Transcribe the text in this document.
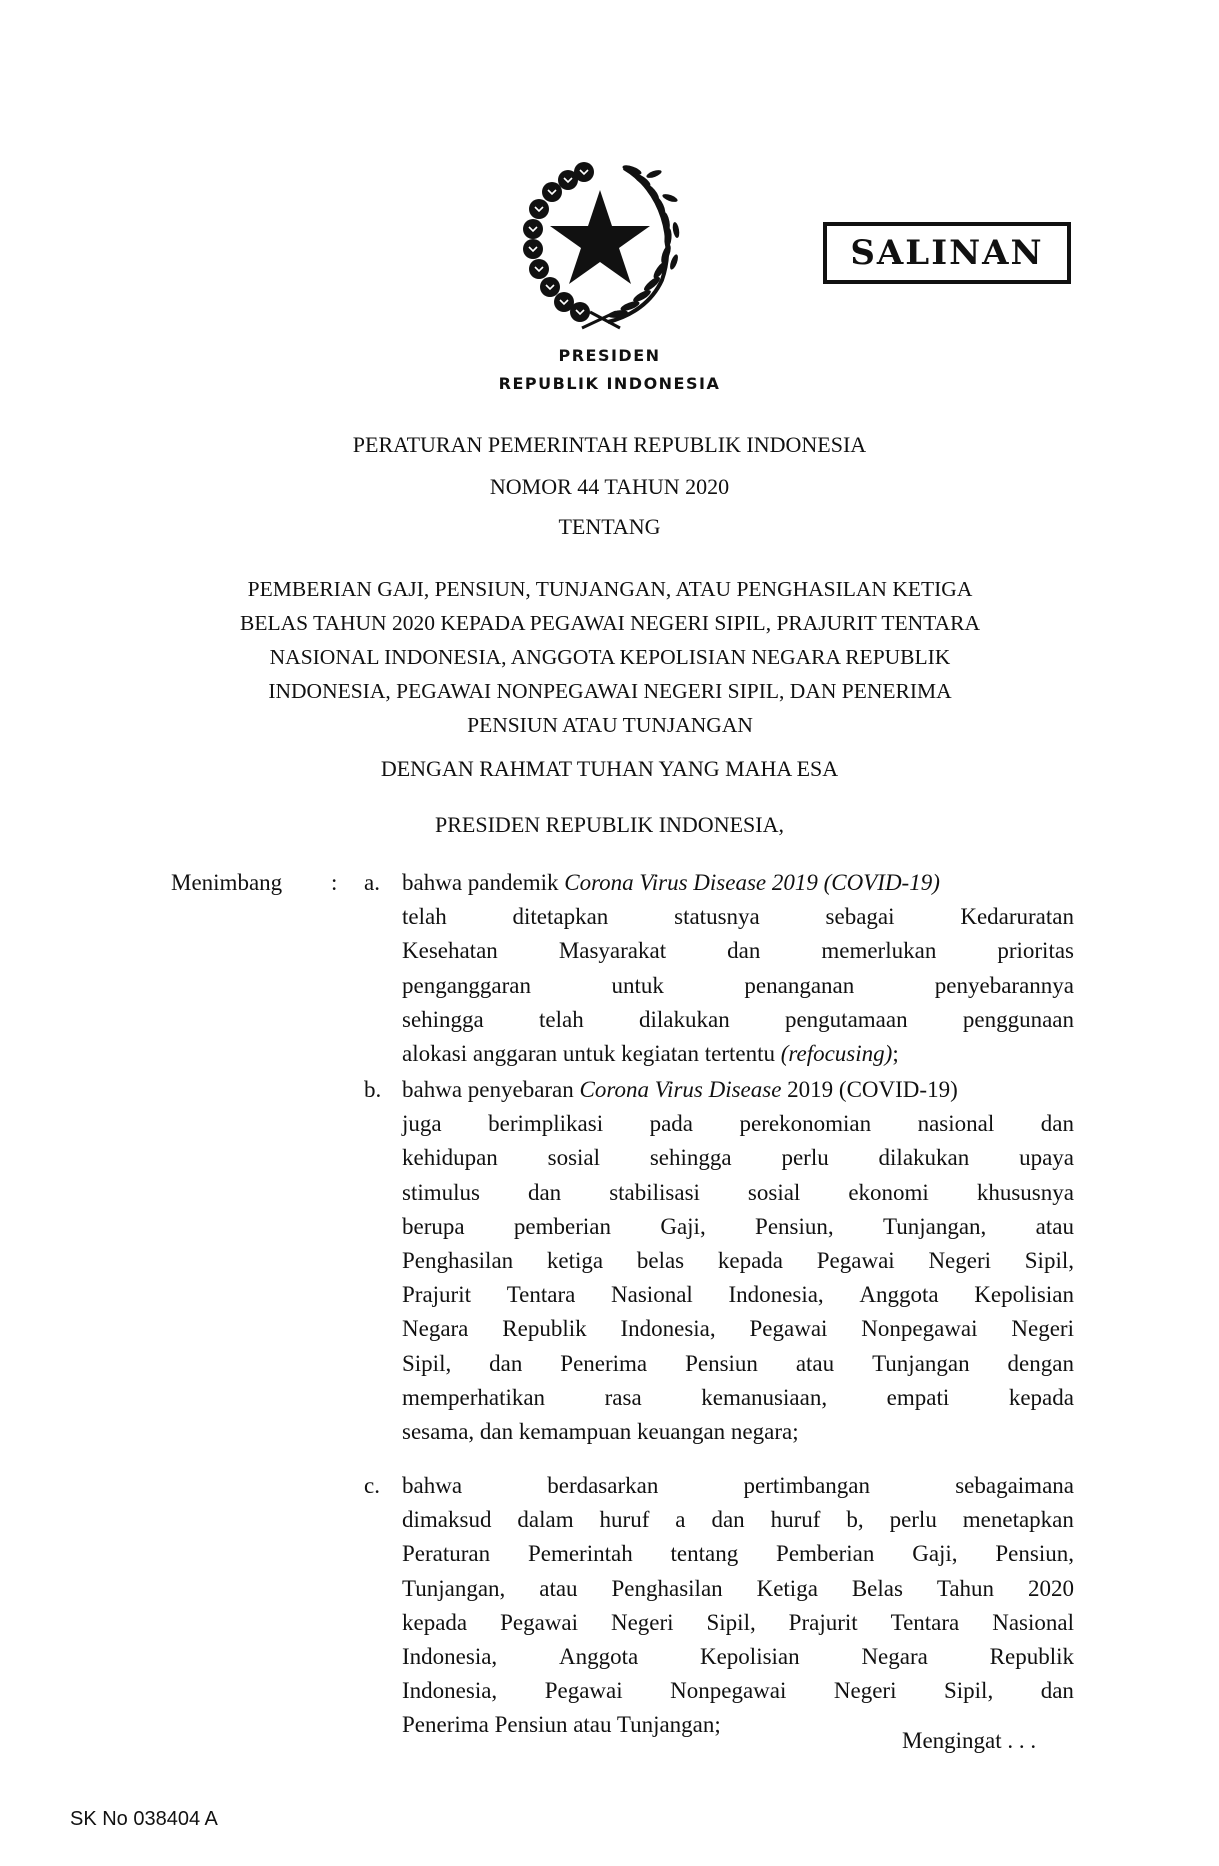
SALINAN
PRESIDEN
REPUBLIK INDONESIA
PERATURAN PEMERINTAH REPUBLIK INDONESIA
NOMOR 44 TAHUN 2020
TENTANG
PEMBERIAN GAJI, PENSIUN, TUNJANGAN, ATAU PENGHASILAN KETIGA
BELAS TAHUN 2020 KEPADA PEGAWAI NEGERI SIPIL, PRAJURIT TENTARA
NASIONAL INDONESIA, ANGGOTA KEPOLISIAN NEGARA REPUBLIK
INDONESIA, PEGAWAI NONPEGAWAI NEGERI SIPIL, DAN PENERIMA
PENSIUN ATAU TUNJANGAN
DENGAN RAHMAT TUHAN YANG MAHA ESA
PRESIDEN REPUBLIK INDONESIA,
Menimbang : a. bahwa pandemik Corona Virus Disease 2019 (COVID-19)
telah	ditetapkan	statusnya	sebagai	Kedaruratan
Kesehatan	Masyarakat	dan	memerlukan	prioritas
penganggaran	untuk	penanganan	penyebarannya
sehingga telah dilakukan pengutamaan penggunaan
alokasi anggaran untuk kegiatan tertentu (refocusing);
b. bahwa penyebaran Corona Virus Disease 2019 (COVID-19)
juga berimplikasi pada perekonomian nasional dan
kehidupan sosial sehingga perlu dilakukan upaya
stimulus dan stabilisasi sosial ekonomi khususnya
berupa pemberian Gaji, Pensiun, Tunjangan, atau
Penghasilan ketiga belas kepada Pegawai Negeri Sipil,
Prajurit Tentara Nasional Indonesia, Anggota Kepolisian
Negara Republik Indonesia, Pegawai Nonpegawai Negeri
Sipil, dan Penerima Pensiun atau Tunjangan dengan
memperhatikan	rasa	kemanusiaan,	empati	kepada
sesama, dan kemampuan keuangan negara;
c. bahwa	berdasarkan	pertimbangan	sebagaimana
dimaksud dalam huruf a dan huruf b, perlu menetapkan
Peraturan Pemerintah tentang Pemberian Gaji, Pensiun,
Tunjangan, atau Penghasilan Ketiga Belas Tahun 2020
kepada Pegawai Negeri Sipil, Prajurit Tentara Nasional
Indonesia,	Anggota	Kepolisian	Negara	Republik
Indonesia, Pegawai Nonpegawai Negeri Sipil, dan
Penerima Pensiun atau Tunjangan;
Mengingat . . .
SK No 038404 A
